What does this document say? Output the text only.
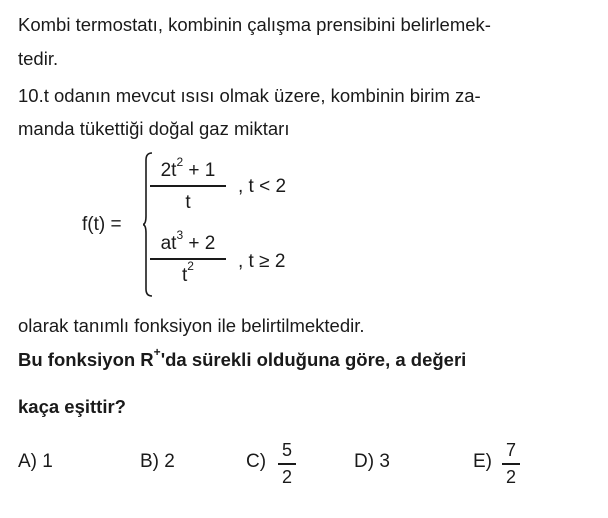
Kombi termostatı, kombinin çalışma prensibini belirlemek-
tedir.
10.t odanın mevcut ısısı olmak üzere, kombinin birim za-
manda tükettiği doğal gaz miktarı
f(t) =
$2t^2 + 1$
t
, t < 2
$at^3 + 2$
$t^2$	, t ≥ 2
olarak tanımlı fonksiyon ile belirtilmektedir.
Bu fonksiyon R+'da sürekli olduğuna göre, a değeri
kaça eşittir?
A) 1	B) 2	C)
5
2
D) 3	E)
7
2
